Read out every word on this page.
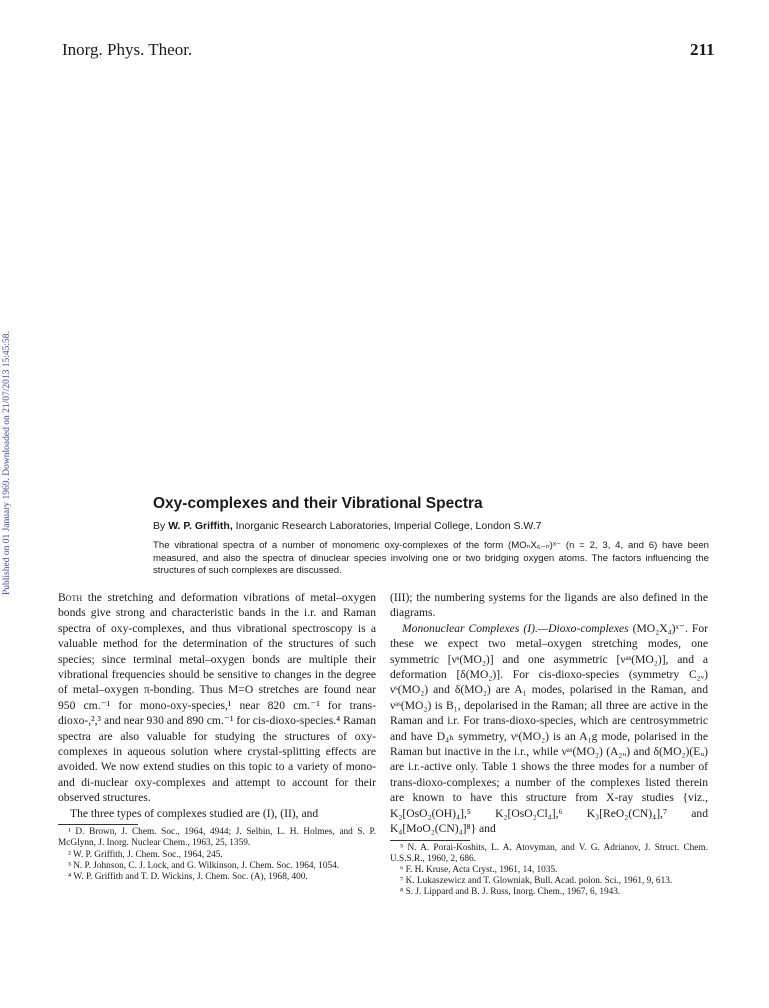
Inorg. Phys. Theor.	211
Published on 01 January 1969. Downloaded on 21/07/2013 15:45:58.	Oxy-complexes and their Vibrational Spectra
By W. P. Griffith, Inorganic Research Laboratories, Imperial College, London S.W.7
The vibrational spectra of a number of monomeric oxy-complexes of the form (MOₙX₆₋ₙ)ˣ⁻ (n = 2, 3, 4, and 6) have been measured, and also the spectra of dinuclear species involving one or two bridging oxygen atoms. The factors influencing the structures of such complexes are discussed.

Both the stretching and deformation vibrations of metal–oxygen bonds give strong and characteristic bands in the i.r. and Raman spectra of oxy-complexes, and thus vibrational spectroscopy is a valuable method for the determination of the structures of such species; since terminal metal–oxygen bonds are multiple their vibrational frequencies should be sensitive to changes in the degree of metal–oxygen π-bonding. Thus M=O stretches are found near 950 cm.⁻¹ for mono-oxy-species,¹ near 820 cm.⁻¹ for trans-dioxo-,²,³ and near 930 and 890 cm.⁻¹ for cis-dioxo-species.⁴ Raman spectra are also valuable for studying the structures of oxy-complexes in aqueous solution where crystal-splitting effects are avoided. We now extend studies on this topic to a variety of mono- and di-nuclear oxy-complexes and attempt to account for their observed structures.

The three types of complexes studied are (I), (II), and

¹ D. Brown, J. Chem. Soc., 1964, 4944; J. Selbin, L. H. Holmes, and S. P. McGlynn, J. Inorg. Nuclear Chem., 1963, 25, 1359.

² W. P. Griffith, J. Chem. Soc., 1964, 245.

³ N. P. Johnson, C. J. Lock, and G. Wilkinson, J. Chem. Soc. 1964, 1054.

⁴ W. P. Griffith and T. D. Wickins, J. Chem. Soc. (A), 1968, 400.

(III); the numbering systems for the ligands are also defined in the diagrams.

Mononuclear Complexes (I).—Dioxo-complexes (MO₂X₄)ˣ⁻. For these we expect two metal–oxygen stretching modes, one symmetric [νˢ(MO₂)] and one asymmetric [νᵃˢ(MO₂)], and a deformation [δ(MO₂)]. For cis-dioxo-species (symmetry C₂ᵥ) νˢ(MO₂) and δ(MO₂) are A₁ modes, polarised in the Raman, and νᵃˢ(MO₂) is B₁, depolarised in the Raman; all three are active in the Raman and i.r. For trans-dioxo-species, which are centrosymmetric and have D₄ₕ symmetry, νˢ(MO₂) is an A₁g mode, polarised in the Raman but inactive in the i.r., while νᵃˢ(MO₂) (A₂ᵤ) and δ(MO₂)(Eᵤ) are i.r.-active only. Table 1 shows the three modes for a number of trans-dioxo-complexes; a number of the complexes listed therein are known to have this structure from X-ray studies {viz., K₂[OsO₂(OH)₄],⁵ K₂[OsO₂Cl₄],⁶ K₃[ReO₂(CN)₄],⁷ and K₄[MoO₂(CN)₄]⁸} and

⁵ N. A. Porai-Koshits, L. A. Atovyman, and V. G. Adrianov, J. Struct. Chem. U.S.S.R., 1960, 2, 686.

⁶ F. H. Kruse, Acta Cryst., 1961, 14, 1035.

⁷ K. Lukaszewicz and T. Glowniak, Bull. Acad. polon. Sci., 1961, 9, 613.

⁸ S. J. Lippard and B. J. Russ, Inorg. Chem., 1967, 6, 1943.
